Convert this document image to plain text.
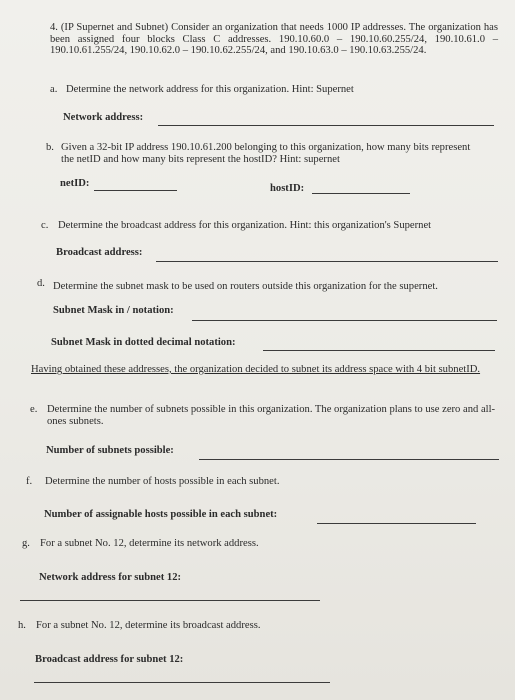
4. (IP Supernet and Subnet) Consider an organization that needs 1000 IP addresses. The organization has been assigned four blocks Class C addresses. 190.10.60.0 – 190.10.60.255/24, 190.10.61.0 – 190.10.61.255/24, 190.10.62.0 – 190.10.62.255/24, and 190.10.63.0 – 190.10.63.255/24.
a. Determine the network address for this organization. Hint: Supernet
Network address:
b. Given a 32-bit IP address 190.10.61.200 belonging to this organization, how many bits represent the netID and how many bits represent the hostID? Hint: supernet
netID:	hostID:
c. Determine the broadcast address for this organization. Hint: this organization's Supernet
Broadcast address:
d. Determine the subnet mask to be used on routers outside this organization for the supernet.
Subnet Mask in / notation:
Subnet Mask in dotted decimal notation:
Having obtained these addresses, the organization decided to subnet its address space with 4 bit subnetID.
e. Determine the number of subnets possible in this organization. The organization plans to use zero and all-ones subnets.
Number of subnets possible:
f. Determine the number of hosts possible in each subnet.
Number of assignable hosts possible in each subnet:
g. For a subnet No. 12, determine its network address.
Network address for subnet 12:
h. For a subnet No. 12, determine its broadcast address.
Broadcast address for subnet 12:
